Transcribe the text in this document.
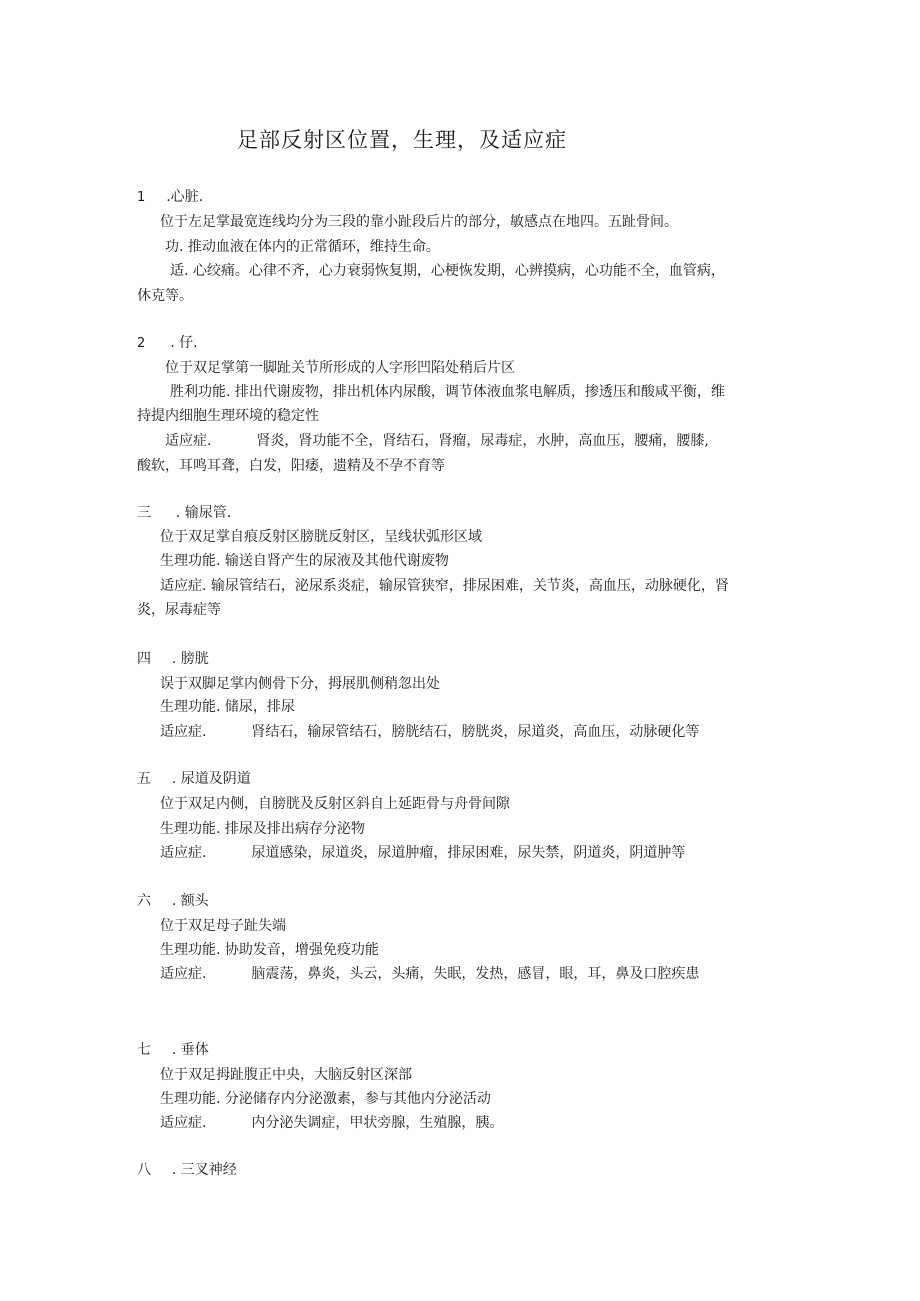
足部反射区位置，生理，及适应症
1 .心脏.
位于左足掌最宽连线均分为三段的靠小趾段后片的部分，敏感点在地四。五趾骨间。
功. 推动血液在体内的正常循环，维持生命。
适. 心绞痛。心律不齐，心力衰弱恢复期，心梗恢发期，心辨摸病，心功能不全，血管病，
休克等。
2 . 仔.
位于双足掌第一脚趾关节所形成的人字形凹陷处稍后片区
胜利功能. 排出代谢废物，排出机体内尿酸，调节体液血浆电解质，掺透压和酸咸平衡，维
持提内细胞生理环境的稳定性
适应症.	肾炎，肾功能不全，肾结石，肾瘤，尿毒症，水肿，高血压，腰痛，腰膝,
酸软，耳鸣耳聋，白发，阳痿，遗精及不孕不育等
三 . 输尿管.
位于双足掌自痕反射区膀胱反射区，呈线状弧形区域
生理功能. 输送自肾产生的尿液及其他代谢废物
适应症. 输尿管结石，泌尿系炎症，输尿管狭窄，排尿困难，关节炎，高血压，动脉硬化，肾
炎，尿毒症等
四 . 膀胱
误于双脚足掌内侧骨下分，拇展肌侧稍忽出处
生理功能. 储尿，排尿
适应症.	肾结石，输尿管结石，膀胱结石，膀胱炎，尿道炎，高血压，动脉硬化等
五 . 尿道及阴道
位于双足内侧，自膀胱及反射区斜自上延距骨与舟骨间隙
生理功能. 排尿及排出病存分泌物
适应症.	尿道感染，尿道炎，尿道肿瘤，排尿困难，尿失禁，阴道炎，阴道肿等
六 . 额头
位于双足母子趾失端
生理功能. 协助发音，增强免疫功能
适应症.	脑震荡，鼻炎，头云，头痛，失眠，发热，感冒，眼，耳，鼻及口腔疾患
七 . 垂体
位于双足拇趾腹正中央，大脑反射区深部
生理功能. 分泌储存内分泌激素，参与其他内分泌活动
适应症.	内分泌失调症，甲状旁腺，生殖腺，胰。
八 . 三叉神经
